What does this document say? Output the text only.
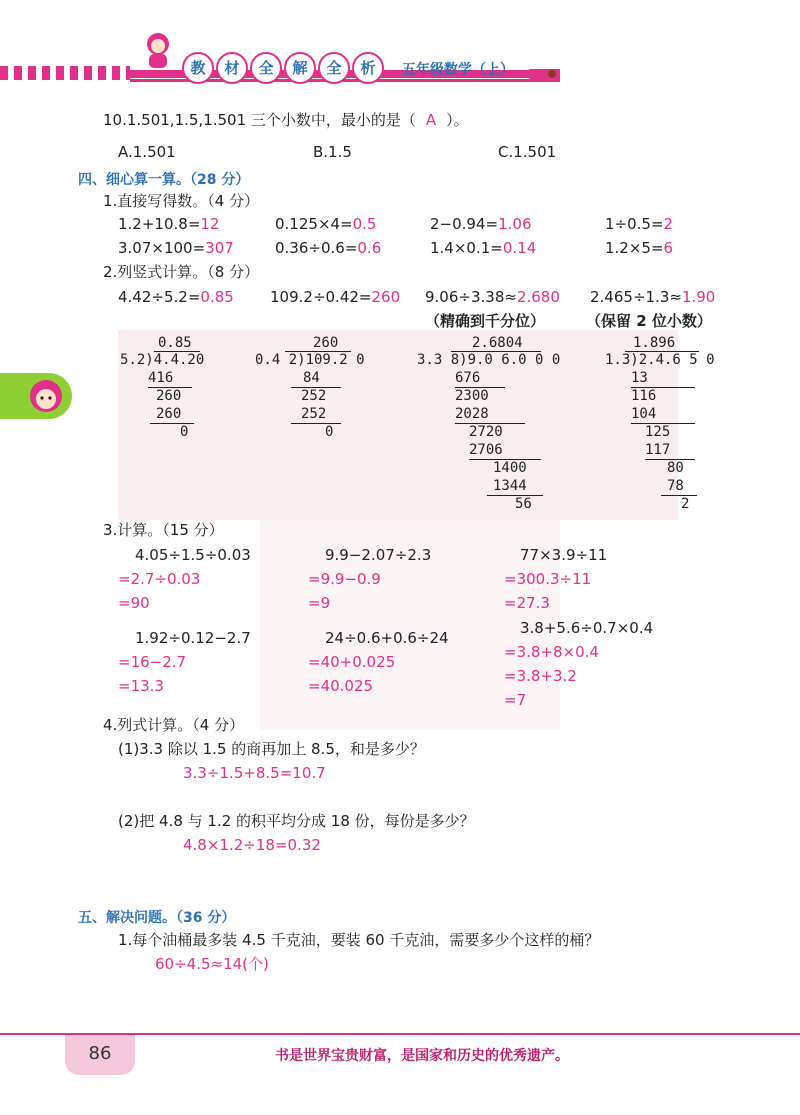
教	材	全	解	全	析	五年级数学（上）
10.1.501,1.5,1.501 三个小数中，最小的是（ A ）。
A.1.501	B.1.5	C.1.501
四、细心算一算。（28 分）
1.直接写得数。（4 分）
1.2+10.8=12	0.125×4=0.5	2−0.94=1.06	1÷0.5=2
3.07×100=307	0.36÷0.6=0.6	1.4×0.1=0.14	1.2×5=6
2.列竖式计算。（8 分）
4.42÷5.2=0.85 109.2÷0.42=260 9.06÷3.38≈2.680 2.465÷1.3≈1.90
（精确到千分位）	（保留 2 位小数）
0.85
5.2)4.4.20
416
260
260
0
260
0.4 2)109.2 0
84
252
252
0
2.6804
3.3 8)9.0 6.0 0 0
676
2300
2028
2720
2706
1400
1344
56
1.896
1.3)2.4.6 5 0
13
116
104
125
117
80
78
2
3.计算。（15 分）
4.05÷1.5÷0.03
=2.7÷0.03
=90
9.9−2.07÷2.3
=9.9−0.9
=9
77×3.9÷11
=300.3÷11
=27.3
1.92÷0.12−2.7
=16−2.7
=13.3
24÷0.6+0.6÷24
=40+0.025
=40.025
3.8+5.6÷0.7×0.4
=3.8+8×0.4
=3.8+3.2
=7
4.列式计算。（4 分）
(1)3.3 除以 1.5 的商再加上 8.5，和是多少？
3.3÷1.5+8.5=10.7
(2)把 4.8 与 1.2 的积平均分成 18 份，每份是多少？
4.8×1.2÷18=0.32
五、解决问题。（36 分）
1.每个油桶最多装 4.5 千克油，要装 60 千克油，需要多少个这样的桶？
60÷4.5≈14(个)
86	书是世界宝贵财富，是国家和历史的优秀遗产。
